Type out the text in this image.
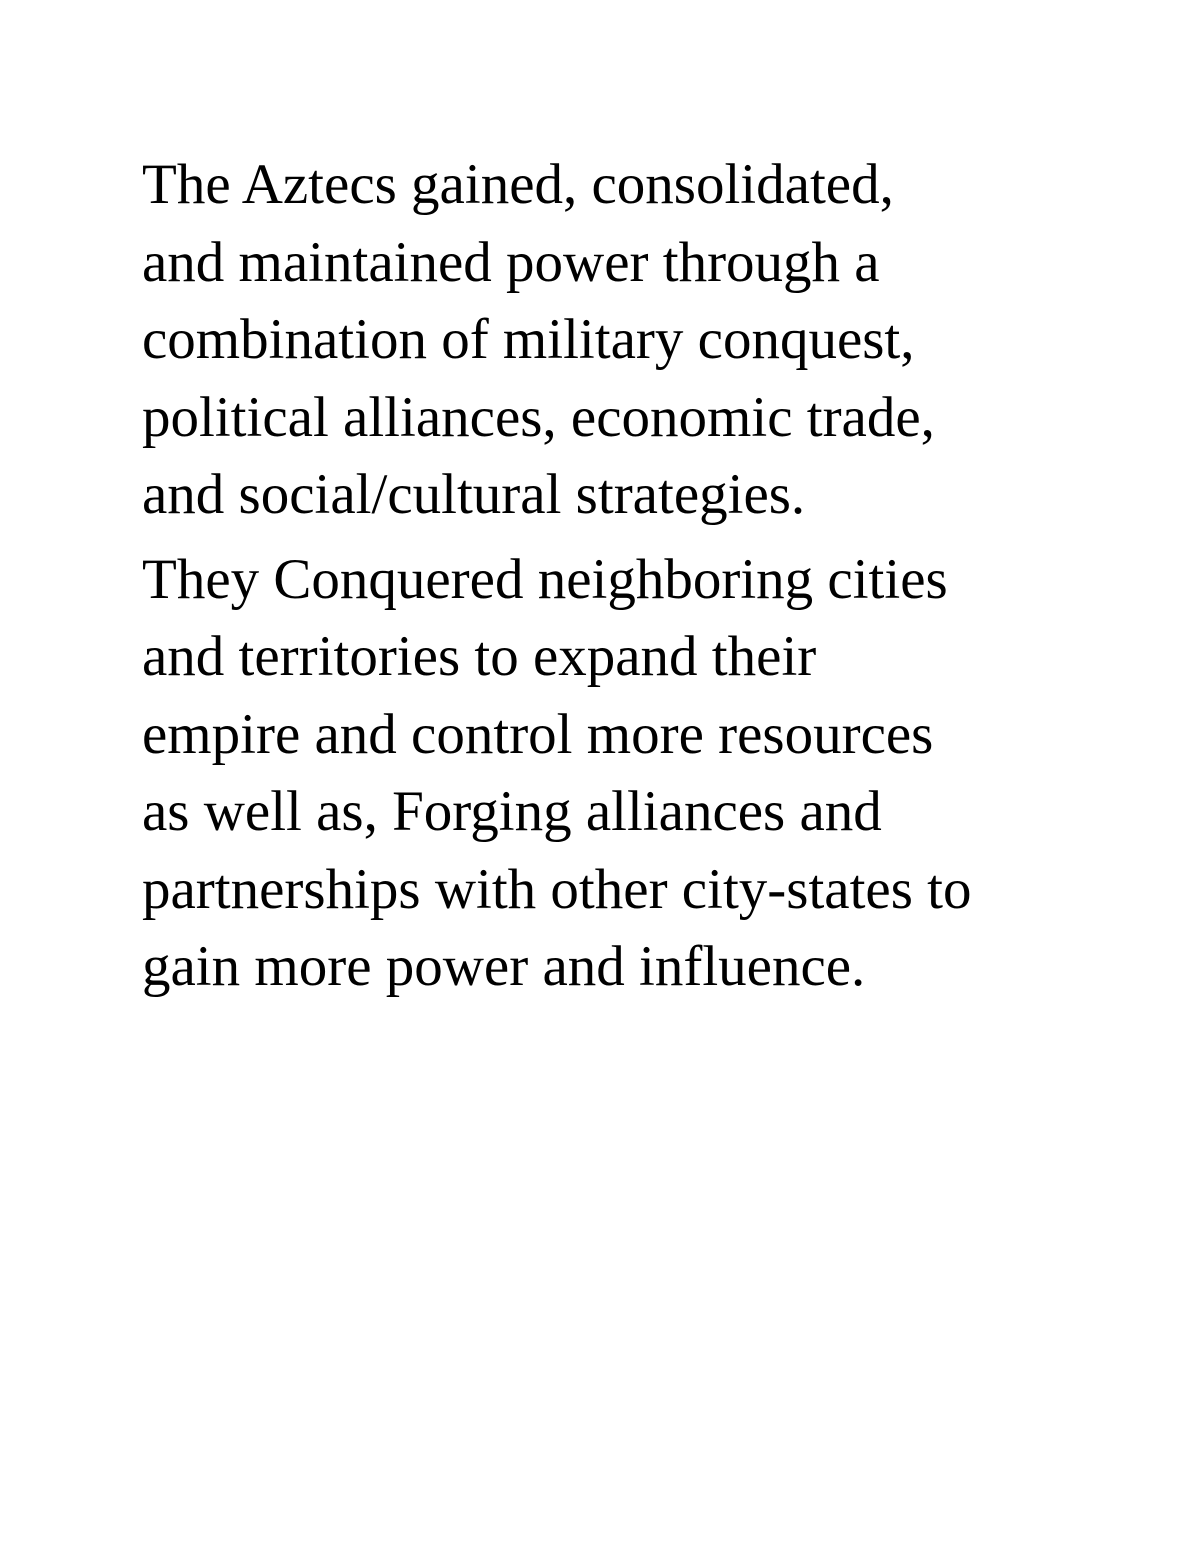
The Aztecs gained, consolidated,
and maintained power through a
combination of military conquest,
political alliances, economic trade,
and social/cultural strategies.

They Conquered neighboring cities
and territories to expand their
empire and control more resources
as well as, Forging alliances and
partnerships with other city-states to
gain more power and influence.
